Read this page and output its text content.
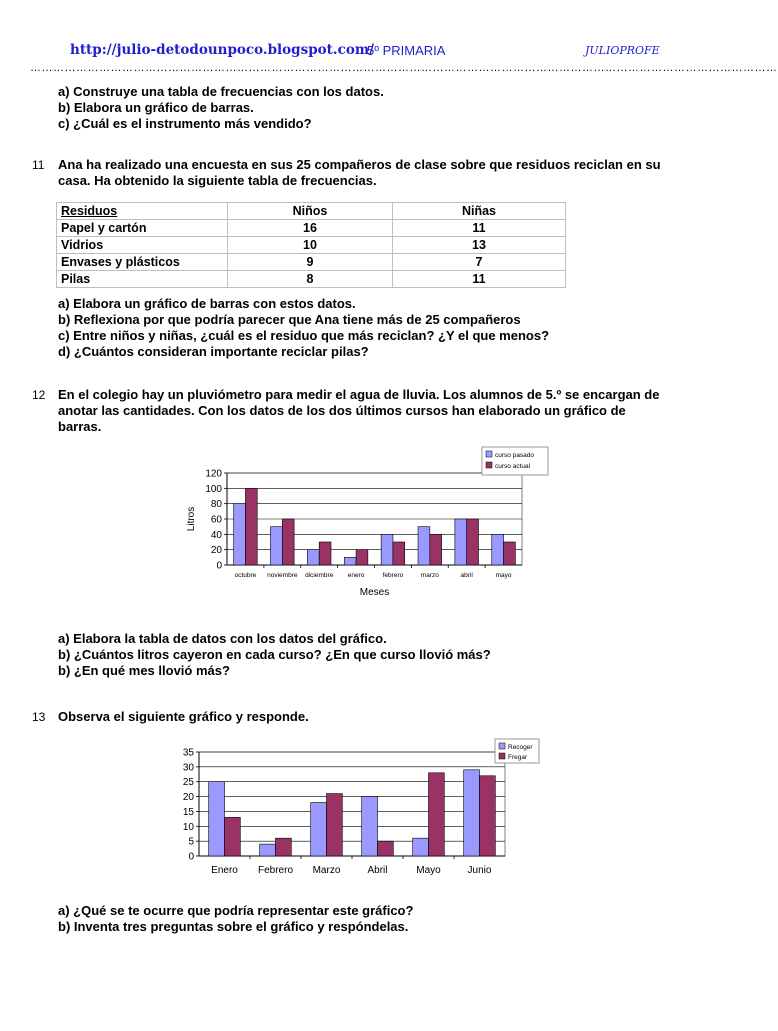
http://julio-detodounpoco.blogspot.com/
5º PRIMARIA	JULIOPROFE
……………………………………………………………………………………………………………………………………………………………………………
a) Construye una tabla de frecuencias con los datos.
b) Elabora un gráfico de barras.
c) ¿Cuál es el instrumento más vendido?
11 Ana ha realizado una encuesta en sus 25 compañeros de clase sobre que residuos reciclan en su
casa. Ha obtenido la siguiente tabla de frecuencias.
Residuos	Niños	Niñas
Papel y cartón	16	11
Vidrios	10	13
Envases y plásticos	9	7
Pilas	8	11
a) Elabora un gráfico de barras con estos datos.
b) Reflexiona por que podría parecer que Ana tiene más de 25 compañeros
c) Entre niños y niñas, ¿cuál es el residuo que más reciclan? ¿Y el que menos?
d) ¿Cuántos consideran importante reciclar pilas?
12 En el colegio hay un pluviómetro para medir el agua de lluvia. Los alumnos de 5.º se encargan de
anotar las cantidades. Con los datos de los dos últimos cursos han elaborado un gráfico de
barras.
0
20
40
60
80
100
120
octubre noviembre diciembre enero	febrero	marzo	abril	mayo
Litros
Meses
curso pasado
curso actual
a) Elabora la tabla de datos con los datos del gráfico.
b) ¿Cuántos litros cayeron en cada curso? ¿En que curso llovió más?
b) ¿En qué mes llovió más?
13 Observa el siguiente gráfico y responde.
0
5
10
15
20
25
30
35
Enero Febrero Marzo	Abril	Mayo	Junio
Recoger
Fregar
a) ¿Qué se te ocurre que podría representar este gráfico?
b) Inventa tres preguntas sobre el gráfico y respóndelas.
